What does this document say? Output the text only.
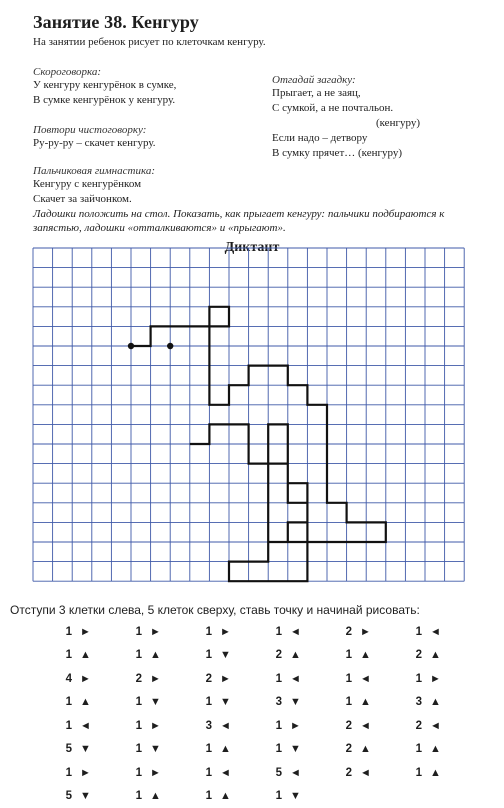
Занятие 38. Кенгуру
На занятии ребенок рисует по клеточкам кенгуру.
Скороговорка:
У кенгуру кенгурёнок в сумке,
В сумке кенгурёнок у кенгуру.
Повтори чистоговорку:
Ру-ру-ру – скачет кенгуру.
Пальчиковая гимнастика:
Кенгуру с кенгурёнком
Скачет за зайчонком.
Ладошки положить на стол. Показать, как прыгает кенгуру: пальчики подбираются к запястью, ладошки «отталкиваются» и «прыгают».
Отгадай загадку:
Прыгает, а не заяц,
С сумкой, а не почтальон.
(кенгуру)
Если надо – детвору
В сумку прячет… (кенгуру)
Диктант
Отступи 3 клетки слева, 5 клеток сверху, ставь точку и начинай рисовать:
1 ►	1 ►	1 ►	1 ◄	2 ►	1 ◄
1 ▲	1 ▲	1 ▼	2 ▲	1 ▲	2 ▲
4 ►	2 ►	2 ►	1 ◄	1 ◄	1 ►
1 ▲	1 ▼	1 ▼	3 ▼	1 ▲	3 ▲
1 ◄	1 ►	3 ◄	1 ►	2 ◄	2 ◄
5 ▼	1 ▼	1 ▲	1 ▼	2 ▲	1 ▲
1 ►	1 ►	1 ◄	5 ◄	2 ◄	1 ▲
5 ▼	1 ▲	1 ▲	1 ▼
